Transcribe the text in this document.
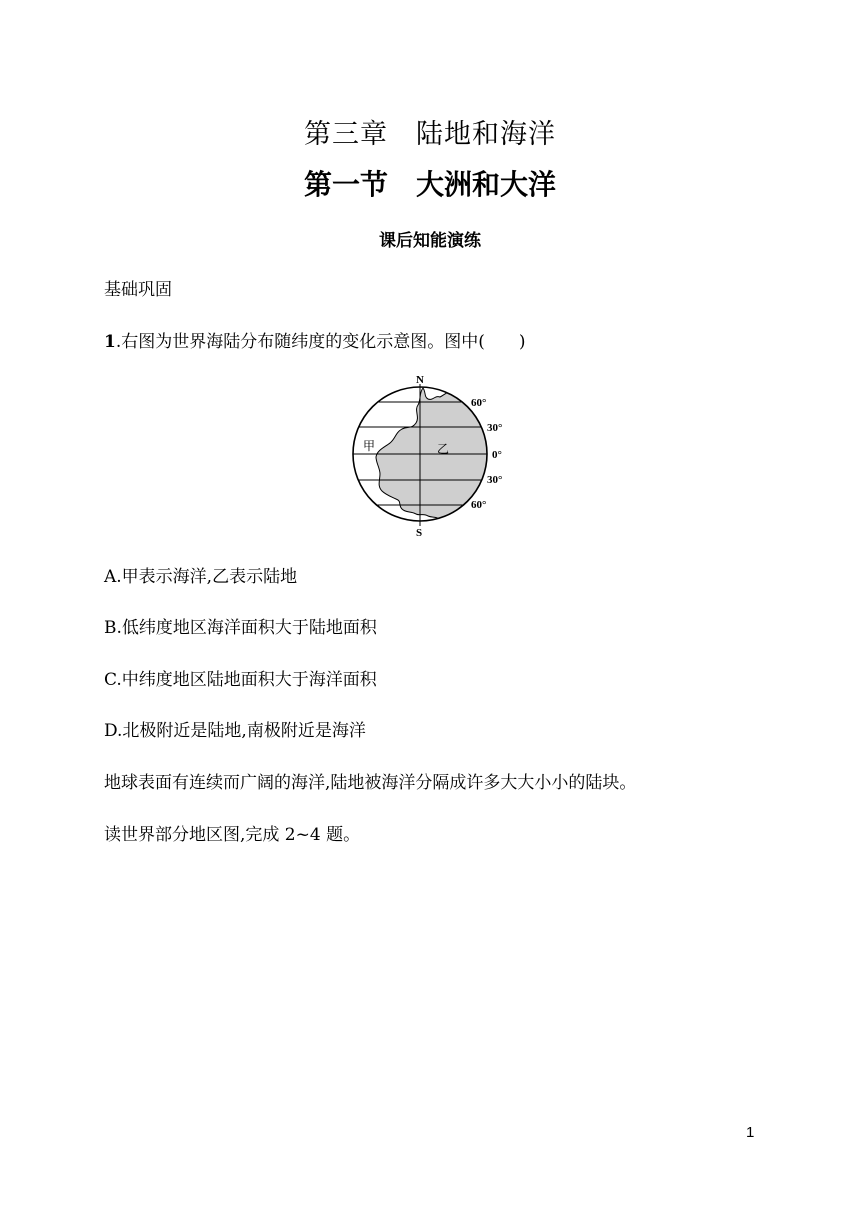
第三章　陆地和海洋
第一节　大洲和大洋
课后知能演练
基础巩固
1.右图为世界海陆分布随纬度的变化示意图。图中(　　)
N
S
甲	乙
60°
30°
0°
30°
60°
A.甲表示海洋,乙表示陆地
B.低纬度地区海洋面积大于陆地面积
C.中纬度地区陆地面积大于海洋面积
D.北极附近是陆地,南极附近是海洋
地球表面有连续而广阔的海洋,陆地被海洋分隔成许多大大小小的陆块。
读世界部分地区图,完成 2~4 题。
1
